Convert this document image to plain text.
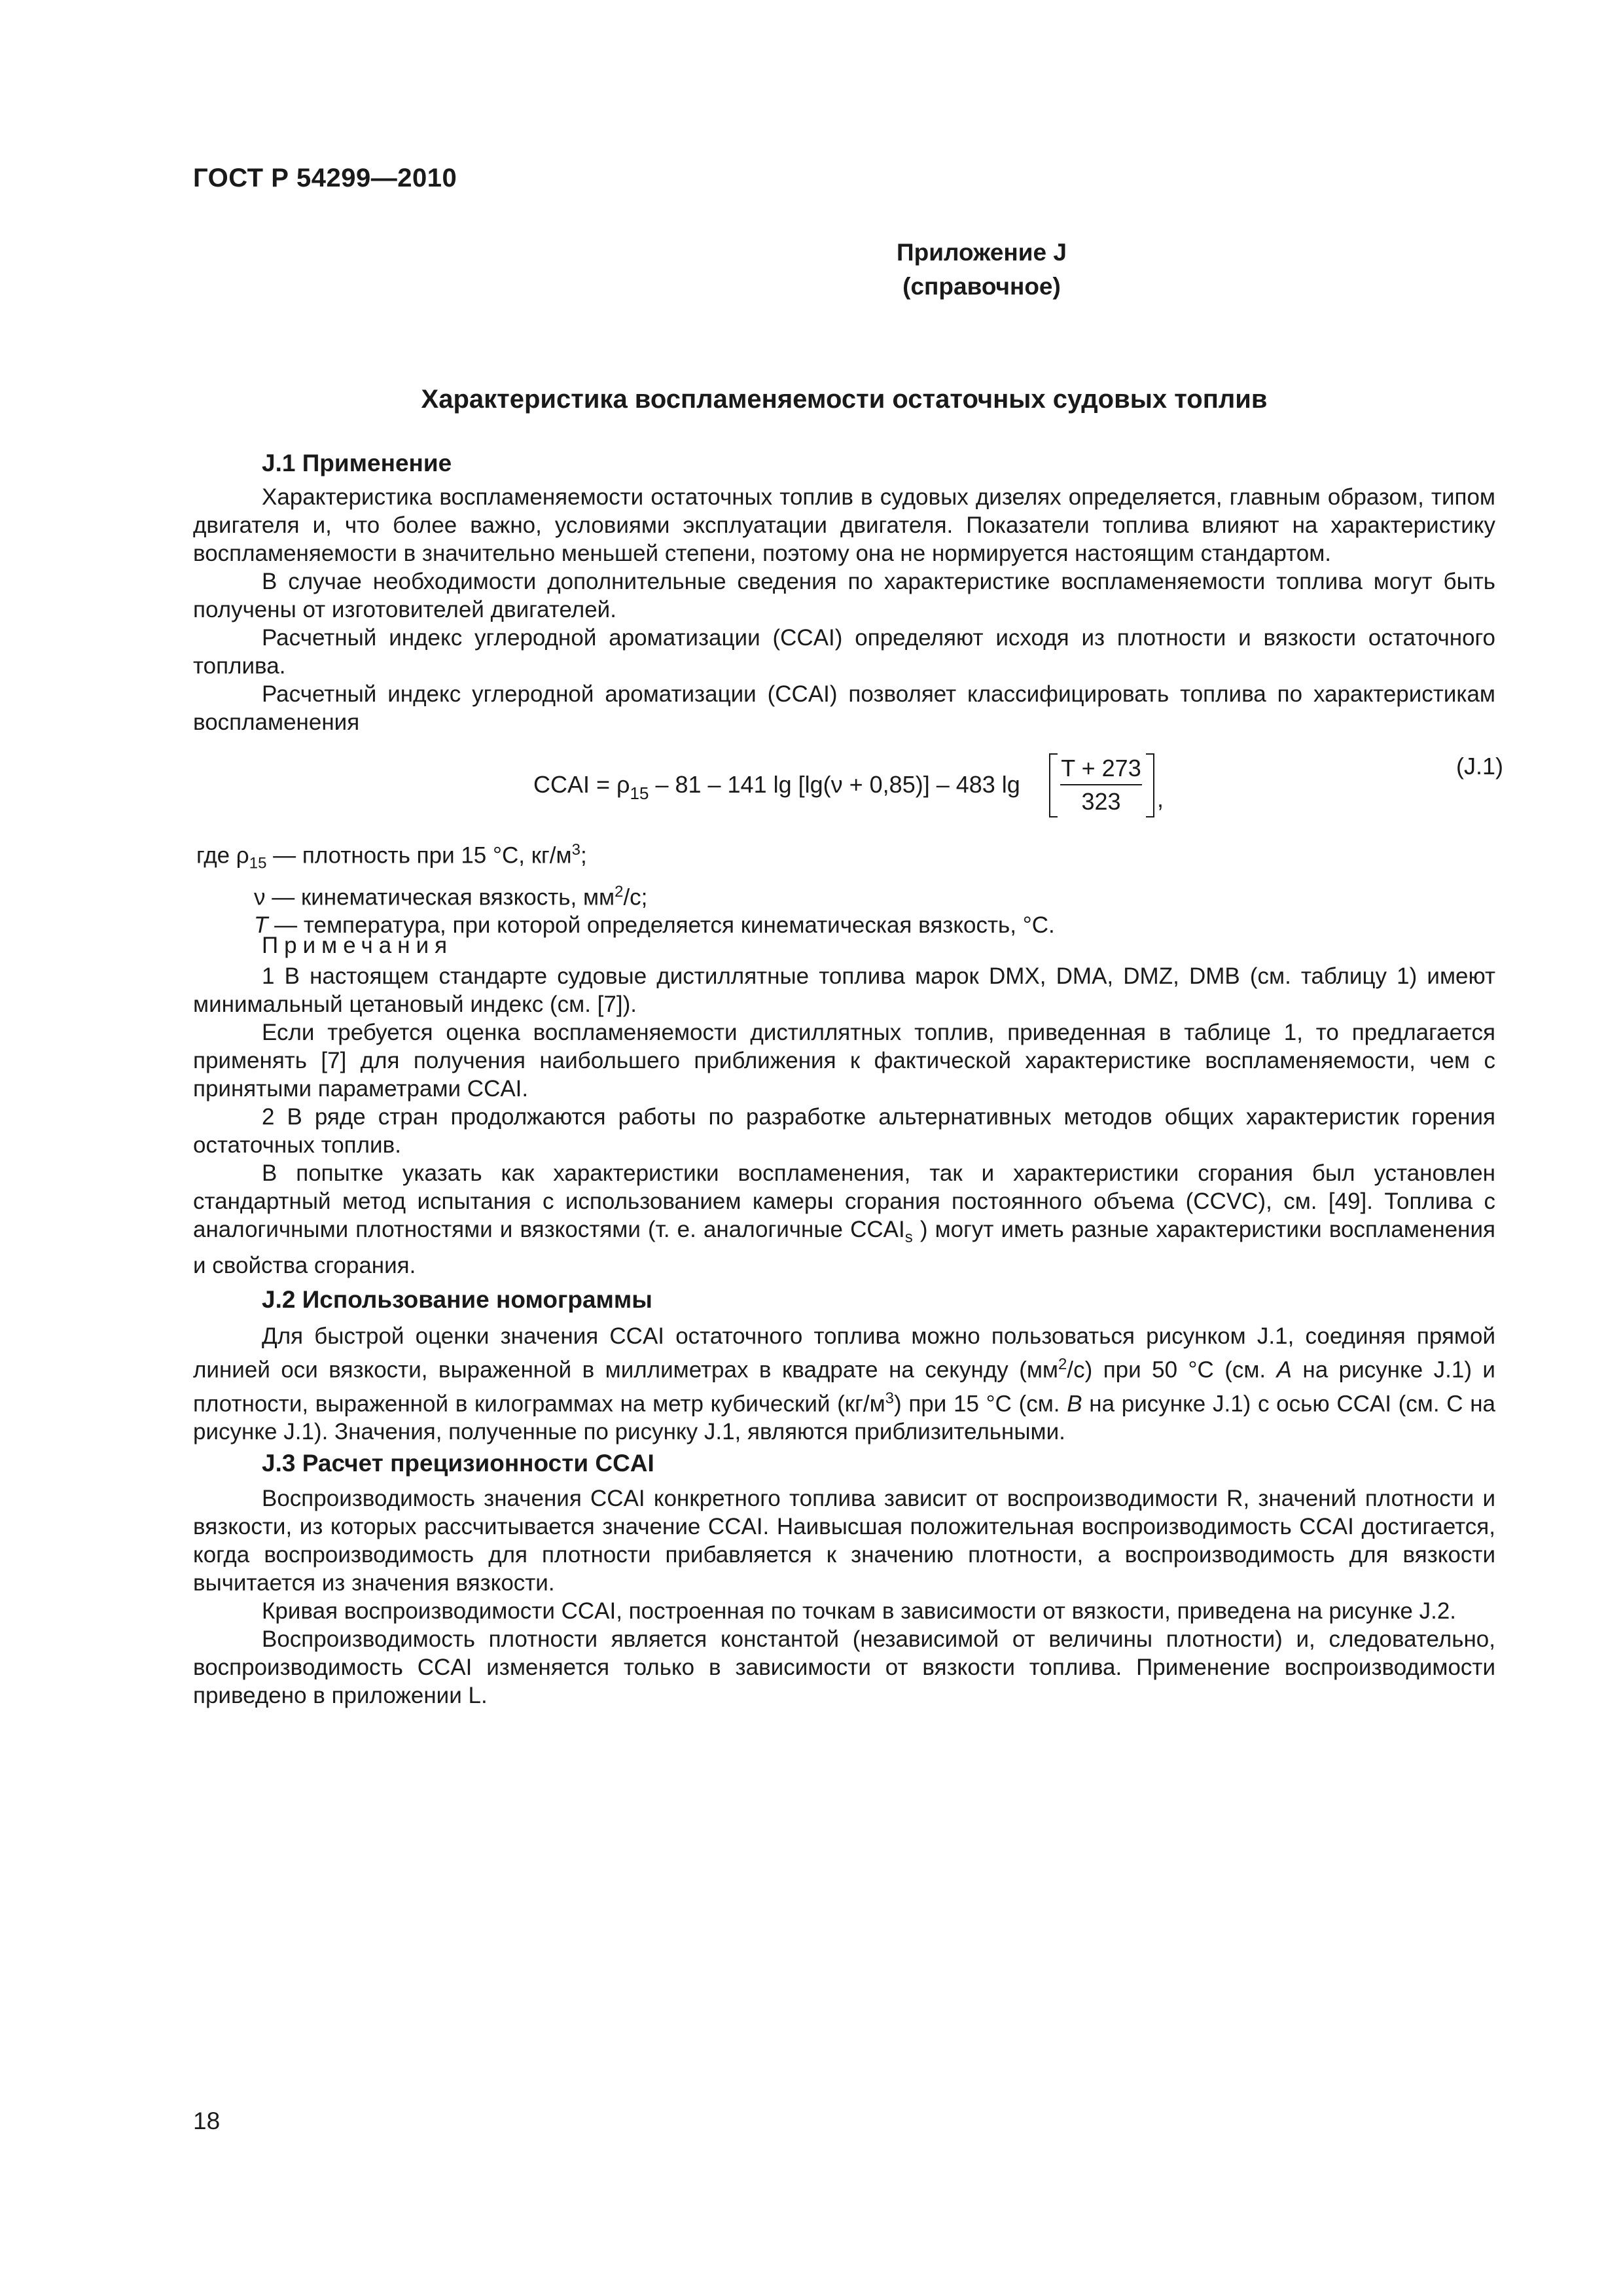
ГОСТ Р 54299—2010
Приложение J
(справочное)
Характеристика воспламеняемости остаточных судовых топлив
J.1 Применение

Характеристика воспламеняемости остаточных топлив в судовых дизелях определяется, главным образом, типом двигателя и, что более важно, условиями эксплуатации двигателя. Показатели топлива влияют на характеристику воспламеняемости в значительно меньшей степени, поэтому она не нормируется настоящим стандартом.

В случае необходимости дополнительные сведения по характеристике воспламеняемости топлива могут быть получены от изготовителей двигателей.

Расчетный индекс углеродной ароматизации (CCAI) определяют исходя из плотности и вязкости остаточного топлива.

Расчетный индекс углеродной ароматизации (CCAI) позволяет классифицировать топлива по характеристикам воспламенения

CCAI = $\rho_{15} - 81 - 141$ lg [lg(ν + 0,85)] – 483 $\lg \frac{T + 273}{323}$ ,
(J.1)
где $\rho_{15}$ — плотность при 15 °С, $кг/м^3$;
ν — кинематическая вязкость, $мм^2/с$;
T — температура, при которой определяется кинематическая вязкость, °С.
Примечания

1 В настоящем стандарте судовые дистиллятные топлива марок DMX, DMA, DMZ, DMB (см. таблицу 1) имеют минимальный цетановый индекс (см. [7]).

Если требуется оценка воспламеняемости дистиллятных топлив, приведенная в таблице 1, то предлагается применять [7] для получения наибольшего приближения к фактической характеристике воспламеняемости, чем с принятыми параметрами CCAI.

2 В ряде стран продолжаются работы по разработке альтернативных методов общих характеристик горения остаточных топлив.

В попытке указать как характеристики воспламенения, так и характеристики сгорания был установлен стандартный метод испытания с использованием камеры сгорания постоянного объема (CCVC), см. [49]. Топлива с аналогичными плотностями и вязкостями (т. е. аналогичные $CCAI_s$ ) могут иметь разные характеристики воспламенения и свойства сгорания.

J.2 Использование номограммы

Для быстрой оценки значения CCAI остаточного топлива можно пользоваться рисунком J.1, соединяя прямой линией оси вязкости, выраженной в миллиметрах в квадрате на секунду $(мм^2/с)$ при 50 °С (см. А на рисунке J.1) и плотности, выраженной в килограммах на метр кубический $(кг/м^3)$ при 15 °С (см. В на рисунке J.1) с осью CCAI (см. С на рисунке J.1). Значения, полученные по рисунку J.1, являются приблизительными.

J.3 Расчет прецизионности CCAI

Воспроизводимость значения CCAI конкретного топлива зависит от воспроизводимости R, значений плотности и вязкости, из которых рассчитывается значение CCAI. Наивысшая положительная воспроизводимость CCAI достигается, когда воспроизводимость для плотности прибавляется к значению плотности, а воспроизводимость для вязкости вычитается из значения вязкости.

Кривая воспроизводимости CCAI, построенная по точкам в зависимости от вязкости, приведена на рисунке J.2.

Воспроизводимость плотности является константой (независимой от величины плотности) и, следовательно, воспроизводимость CCAI изменяется только в зависимости от вязкости топлива. Применение воспроизводимости приведено в приложении L.

18
